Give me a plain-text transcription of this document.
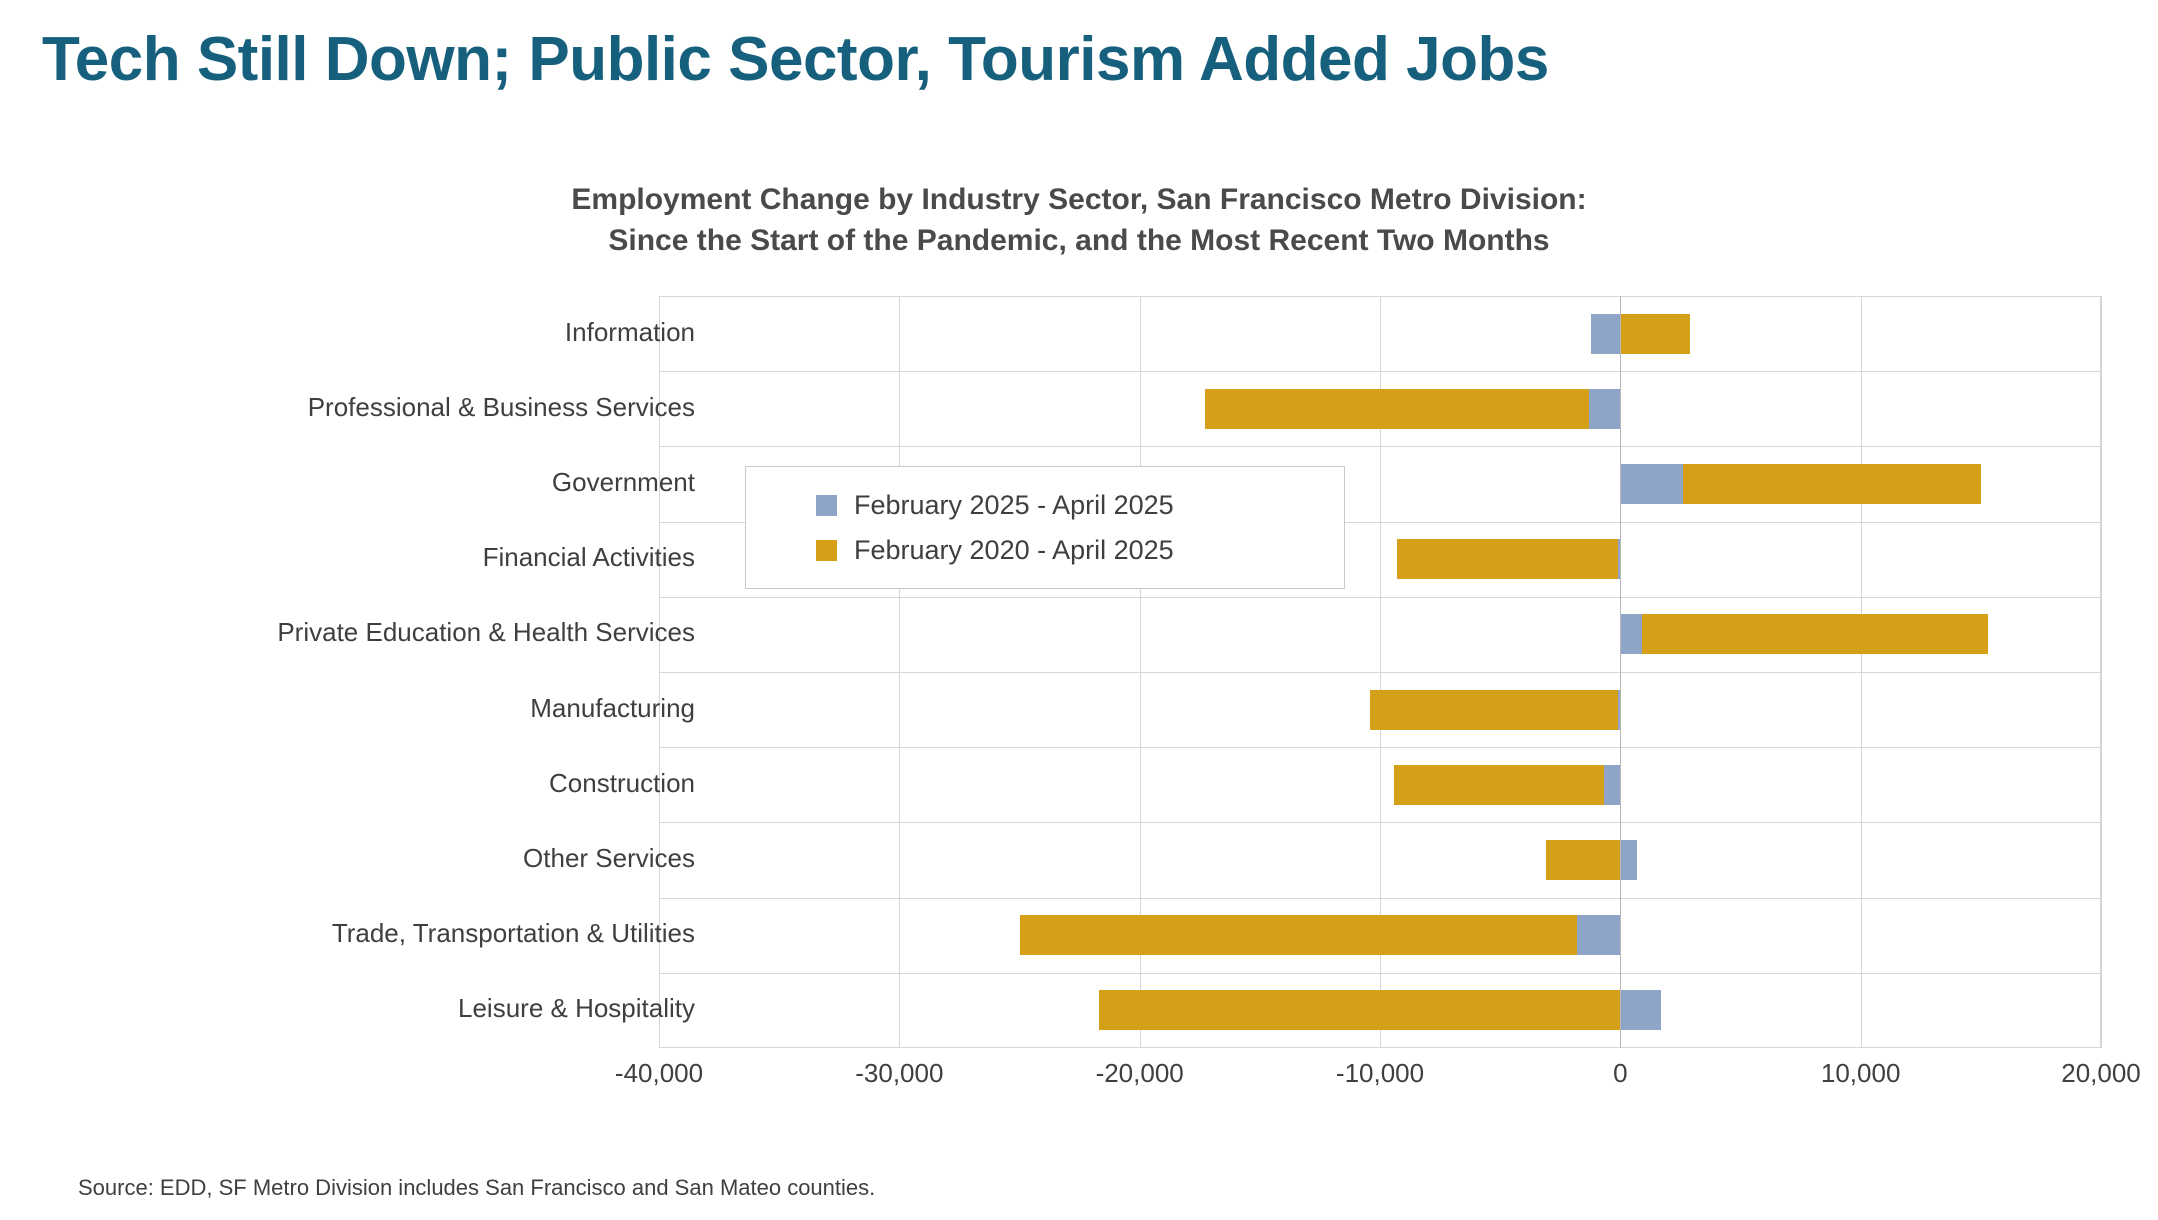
Tech Still Down; Public Sector, Tourism Added Jobs
Employment Change by Industry Sector, San Francisco Metro Division:
Since the Start of the Pandemic, and the Most Recent Two Months
February 2025 - April 2025
February 2020 - April 2025
Source: EDD, SF Metro Division includes San Francisco and San Mateo counties.
-40,000	-30,000	-20,000	-10,000	0	10,000	20,000
Information
Professional & Business Services
Government
Financial Activities
Private Education & Health Services
Manufacturing
Construction
Other Services
Trade, Transportation & Utilities
Leisure & Hospitality
